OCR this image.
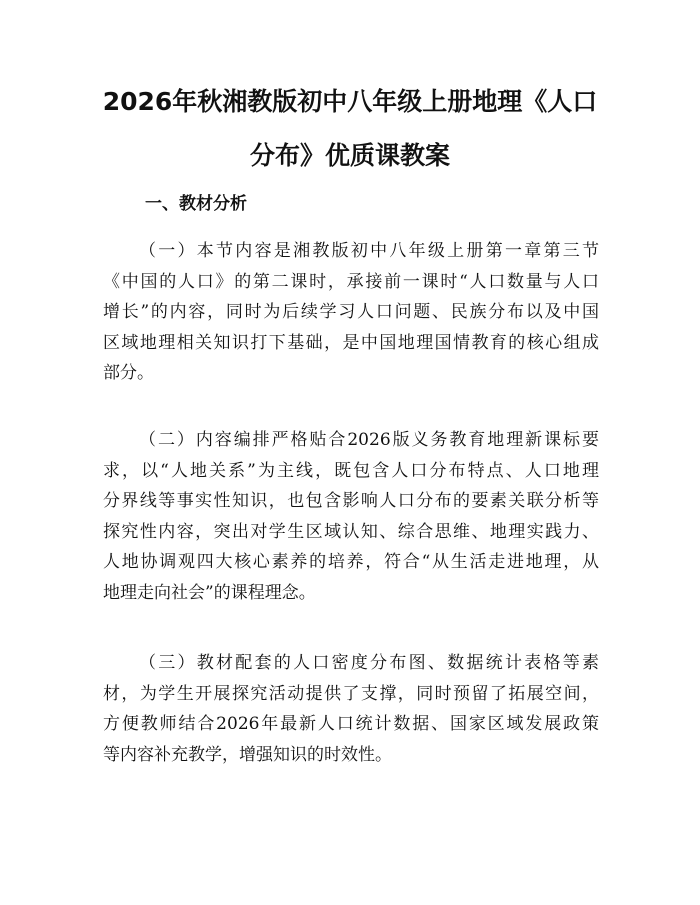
2026年秋湘教版初中八年级上册地理《人口
分布》优质课教案
一、教材分析

（一）本节内容是湘教版初中八年级上册第一章第三节
《中国的人口》的第二课时，承接前一课时“人口数量与人口
增长”的内容，同时为后续学习人口问题、民族分布以及中国
区域地理相关知识打下基础，是中国地理国情教育的核心组成
部分。

（二）内容编排严格贴合2026版义务教育地理新课标要
求，以“人地关系”为主线，既包含人口分布特点、人口地理
分界线等事实性知识，也包含影响人口分布的要素关联分析等
探究性内容，突出对学生区域认知、综合思维、地理实践力、
人地协调观四大核心素养的培养，符合“从生活走进地理，从
地理走向社会”的课程理念。

（三）教材配套的人口密度分布图、数据统计表格等素
材，为学生开展探究活动提供了支撑，同时预留了拓展空间，
方便教师结合2026年最新人口统计数据、国家区域发展政策
等内容补充教学，增强知识的时效性。
